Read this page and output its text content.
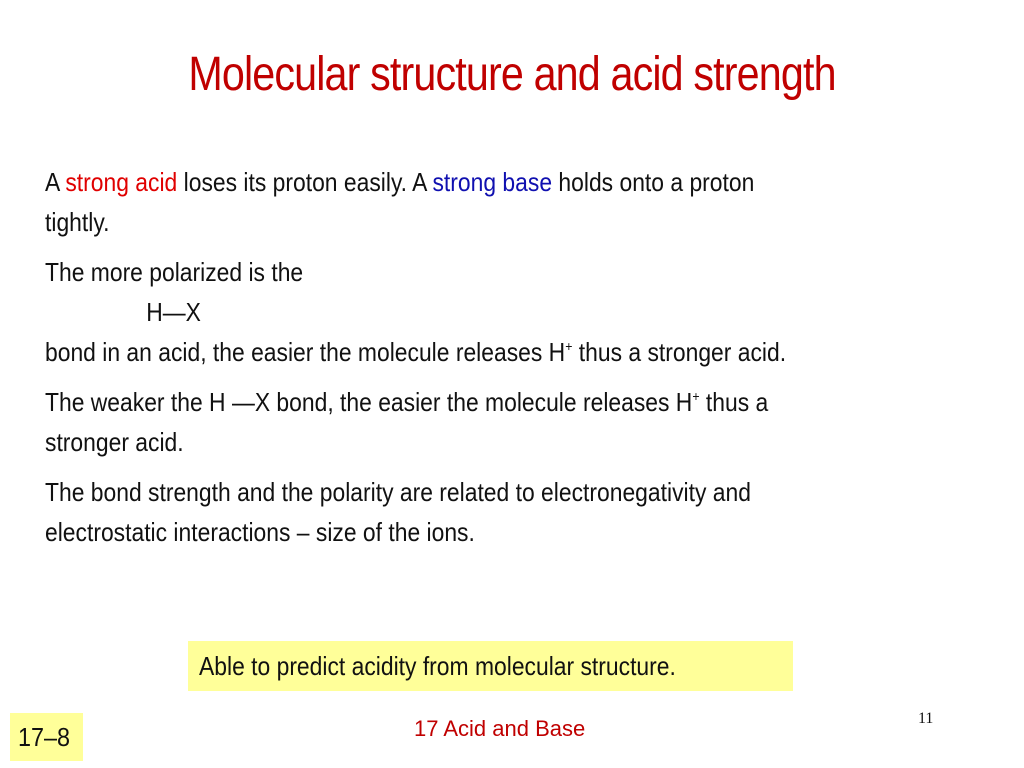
Molecular structure and acid strength

A strong acid loses its proton easily. A strong base holds onto a proton
tightly.

The more polarized is the

H—X
bond in an acid, the easier the molecule releases H+ thus a stronger acid.

The weaker the H —X bond, the easier the molecule releases H+ thus a
stronger acid.

The bond strength and the polarity are related to electronegativity and
electrostatic interactions – size of the ions.

Able to predict acidity from molecular structure.
17–8	17 Acid and Base	11
